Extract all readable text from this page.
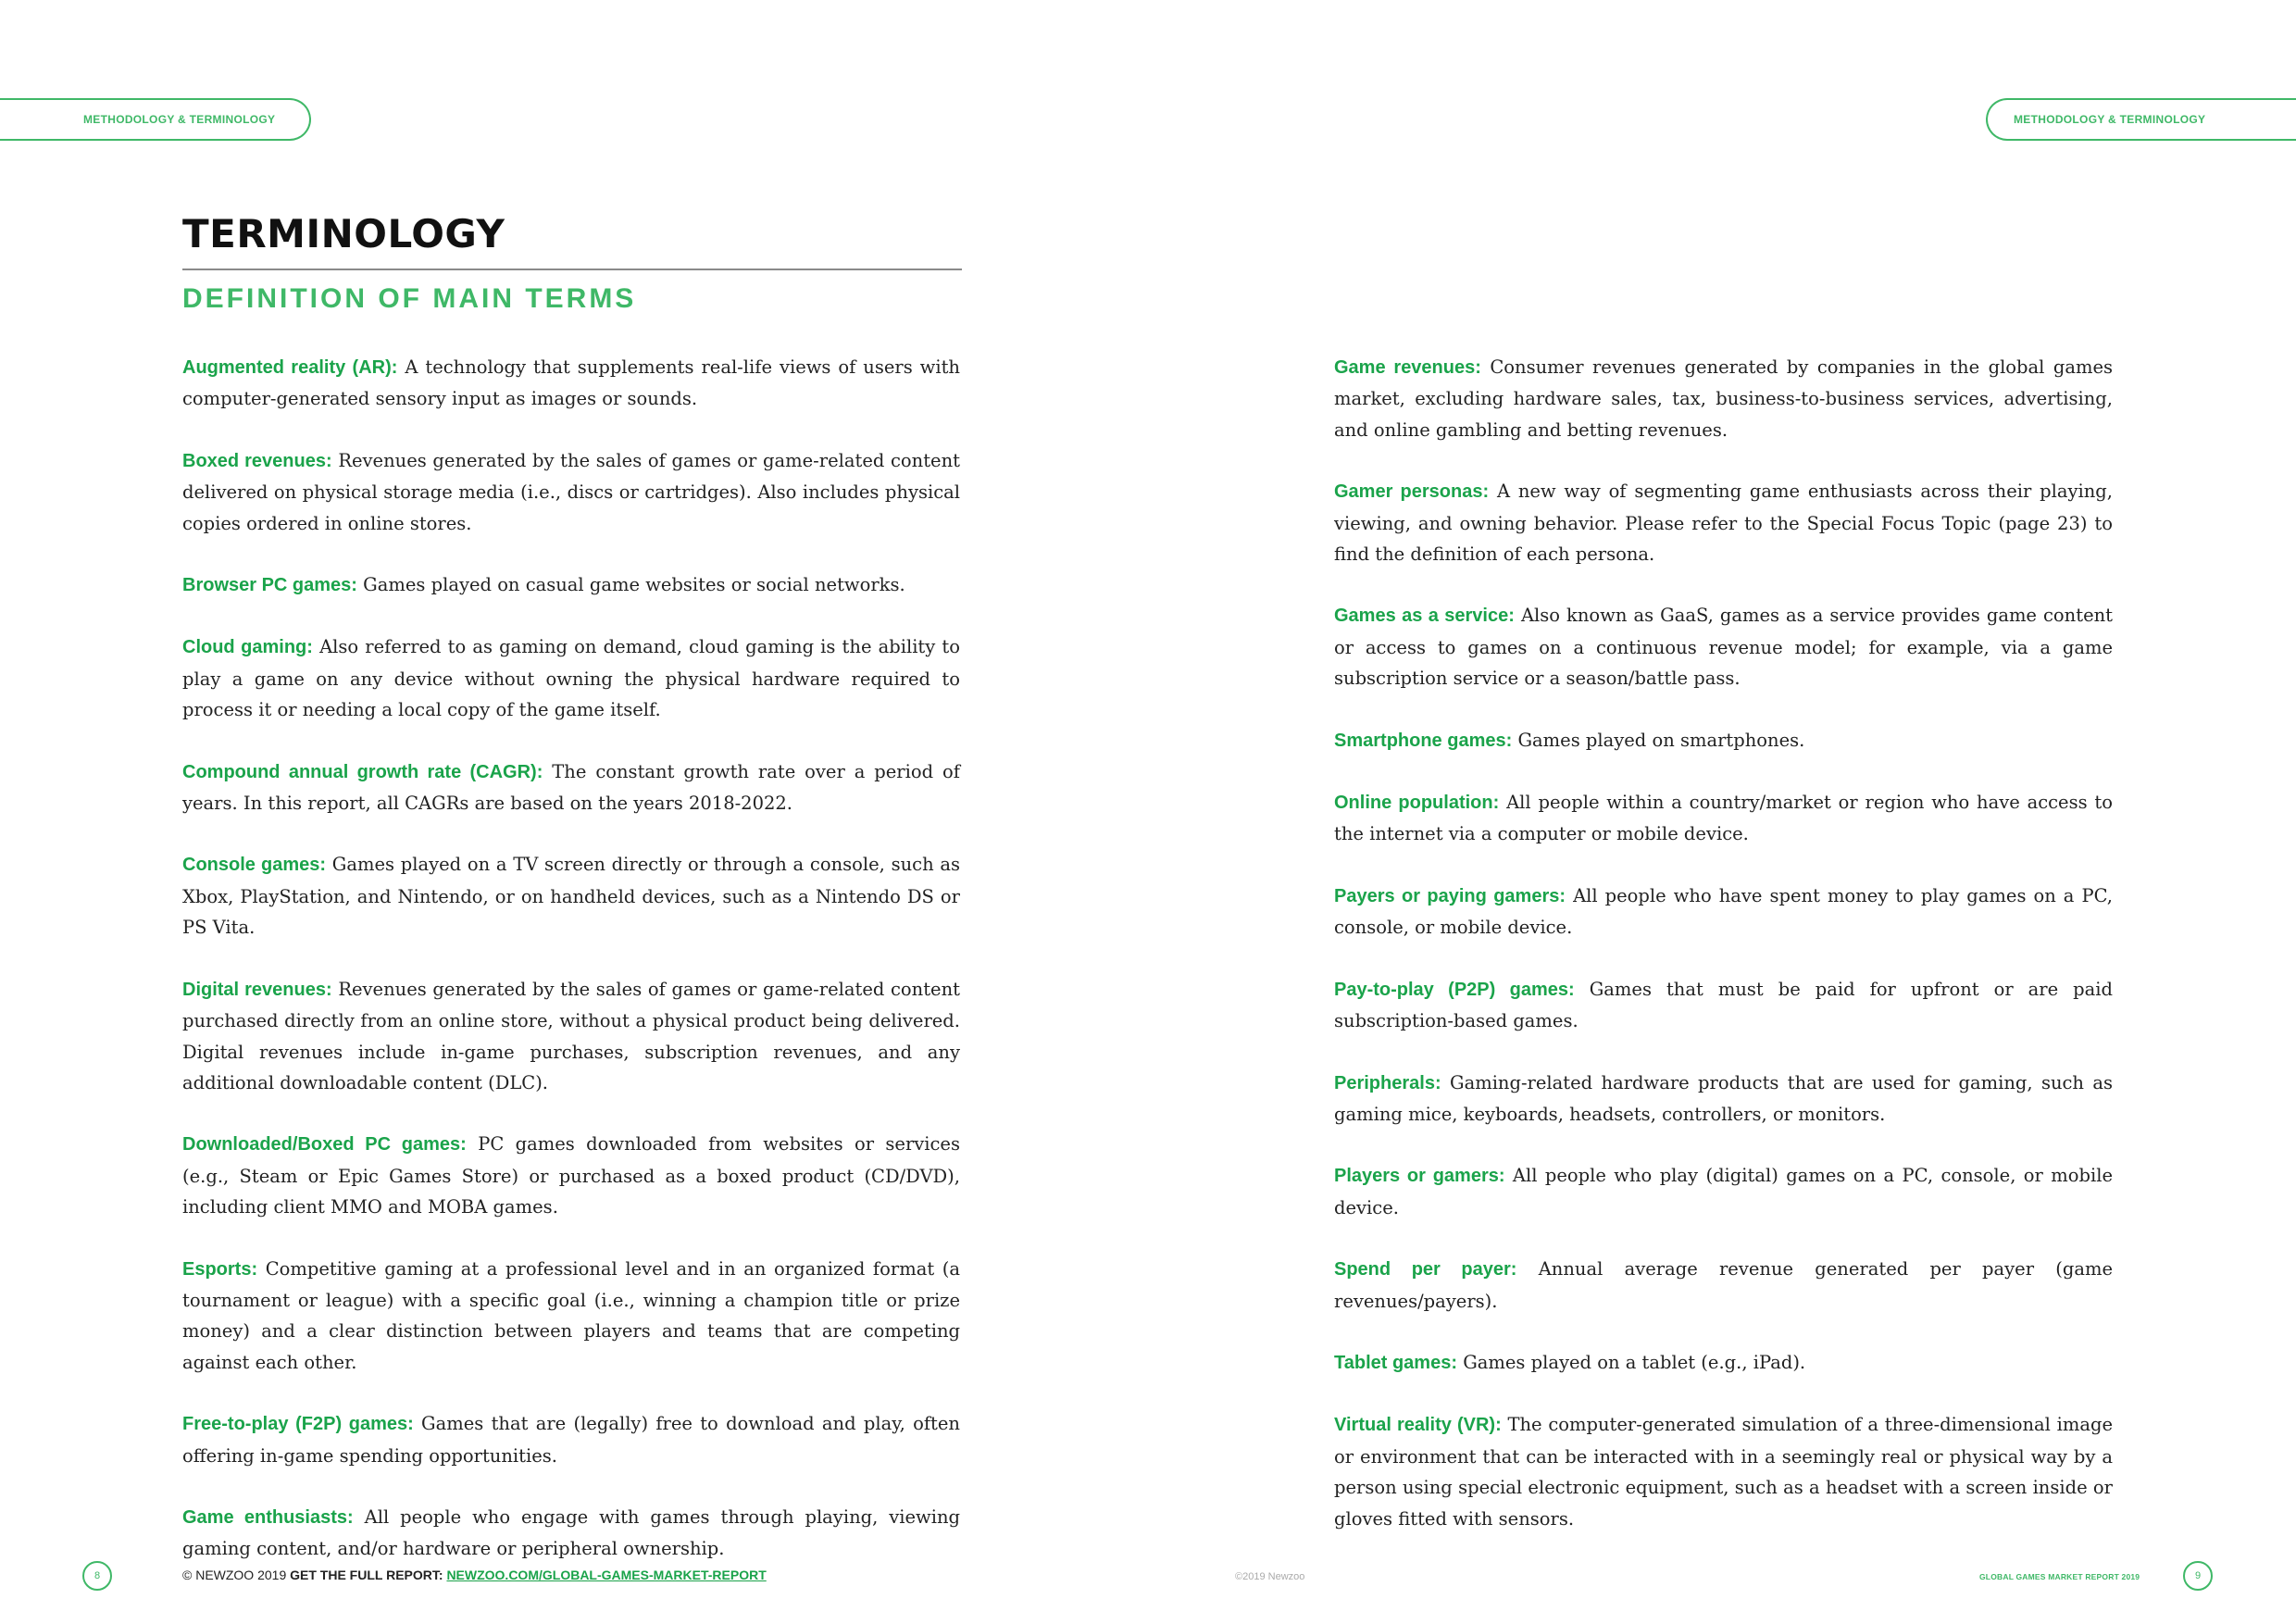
METHODOLOGY & TERMINOLOGY	METHODOLOGY & TERMINOLOGY
TERMINOLOGY
DEFINITION OF MAIN TERMS

Augmented reality (AR): A technology that supplements real-life views of users with computer-generated sensory input as images or sounds.

Boxed revenues: Revenues generated by the sales of games or game-related content delivered on physical storage media (i.e., discs or cartridges). Also includes physical copies ordered in online stores.

Browser PC games: Games played on casual game websites or social networks.

Cloud gaming: Also referred to as gaming on demand, cloud gaming is the ability to play a game on any device without owning the physical hardware required to process it or needing a local copy of the game itself.

Compound annual growth rate (CAGR): The constant growth rate over a period of years. In this report, all CAGRs are based on the years 2018-2022.

Console games: Games played on a TV screen directly or through a console, such as Xbox, PlayStation, and Nintendo, or on handheld devices, such as a Nintendo DS or PS Vita.

Digital revenues: Revenues generated by the sales of games or game-related content purchased directly from an online store, without a physical product being delivered. Digital revenues include in-game purchases, subscription revenues, and any additional downloadable content (DLC).

Downloaded/Boxed PC games: PC games downloaded from websites or services (e.g., Steam or Epic Games Store) or purchased as a boxed product (CD/DVD), including client MMO and MOBA games.

Esports: Competitive gaming at a professional level and in an organized format (a tournament or league) with a specific goal (i.e., winning a champion title or prize money) and a clear distinction between players and teams that are competing against each other.

Free-to-play (F2P) games: Games that are (legally) free to download and play, often offering in-game spending opportunities.

Game enthusiasts: All people who engage with games through playing, viewing gaming content, and/or hardware or peripheral ownership.

Game revenues: Consumer revenues generated by companies in the global games market, excluding hardware sales, tax, business-to-business services, advertising, and online gambling and betting revenues.

Gamer personas: A new way of segmenting game enthusiasts across their playing, viewing, and owning behavior. Please refer to the Special Focus Topic (page 23) to find the definition of each persona.

Games as a service: Also known as GaaS, games as a service provides game content or access to games on a continuous revenue model; for example, via a game subscription service or a season/battle pass.

Smartphone games: Games played on smartphones.

Online population: All people within a country/market or region who have access to the internet via a computer or mobile device.

Payers or paying gamers: All people who have spent money to play games on a PC, console, or mobile device.

Pay-to-play (P2P) games: Games that must be paid for upfront or are paid subscription-based games.

Peripherals: Gaming-related hardware products that are used for gaming, such as gaming mice, keyboards, headsets, controllers, or monitors.

Players or gamers: All people who play (digital) games on a PC, console, or mobile device.

Spend per payer: Annual average revenue generated per payer (game revenues/payers).

Tablet games: Games played on a tablet (e.g., iPad).

Virtual reality (VR): The computer-generated simulation of a three-dimensional image or environment that can be interacted with in a seemingly real or physical way by a person using special electronic equipment, such as a headset with a screen inside or gloves fitted with sensors.

8	© NEWZOO 2019 GET THE FULL REPORT: NEWZOO.COM/GLOBAL-GAMES-MARKET-REPORT	©2019 Newzoo	GLOBAL GAMES MARKET REPORT 2019	9
